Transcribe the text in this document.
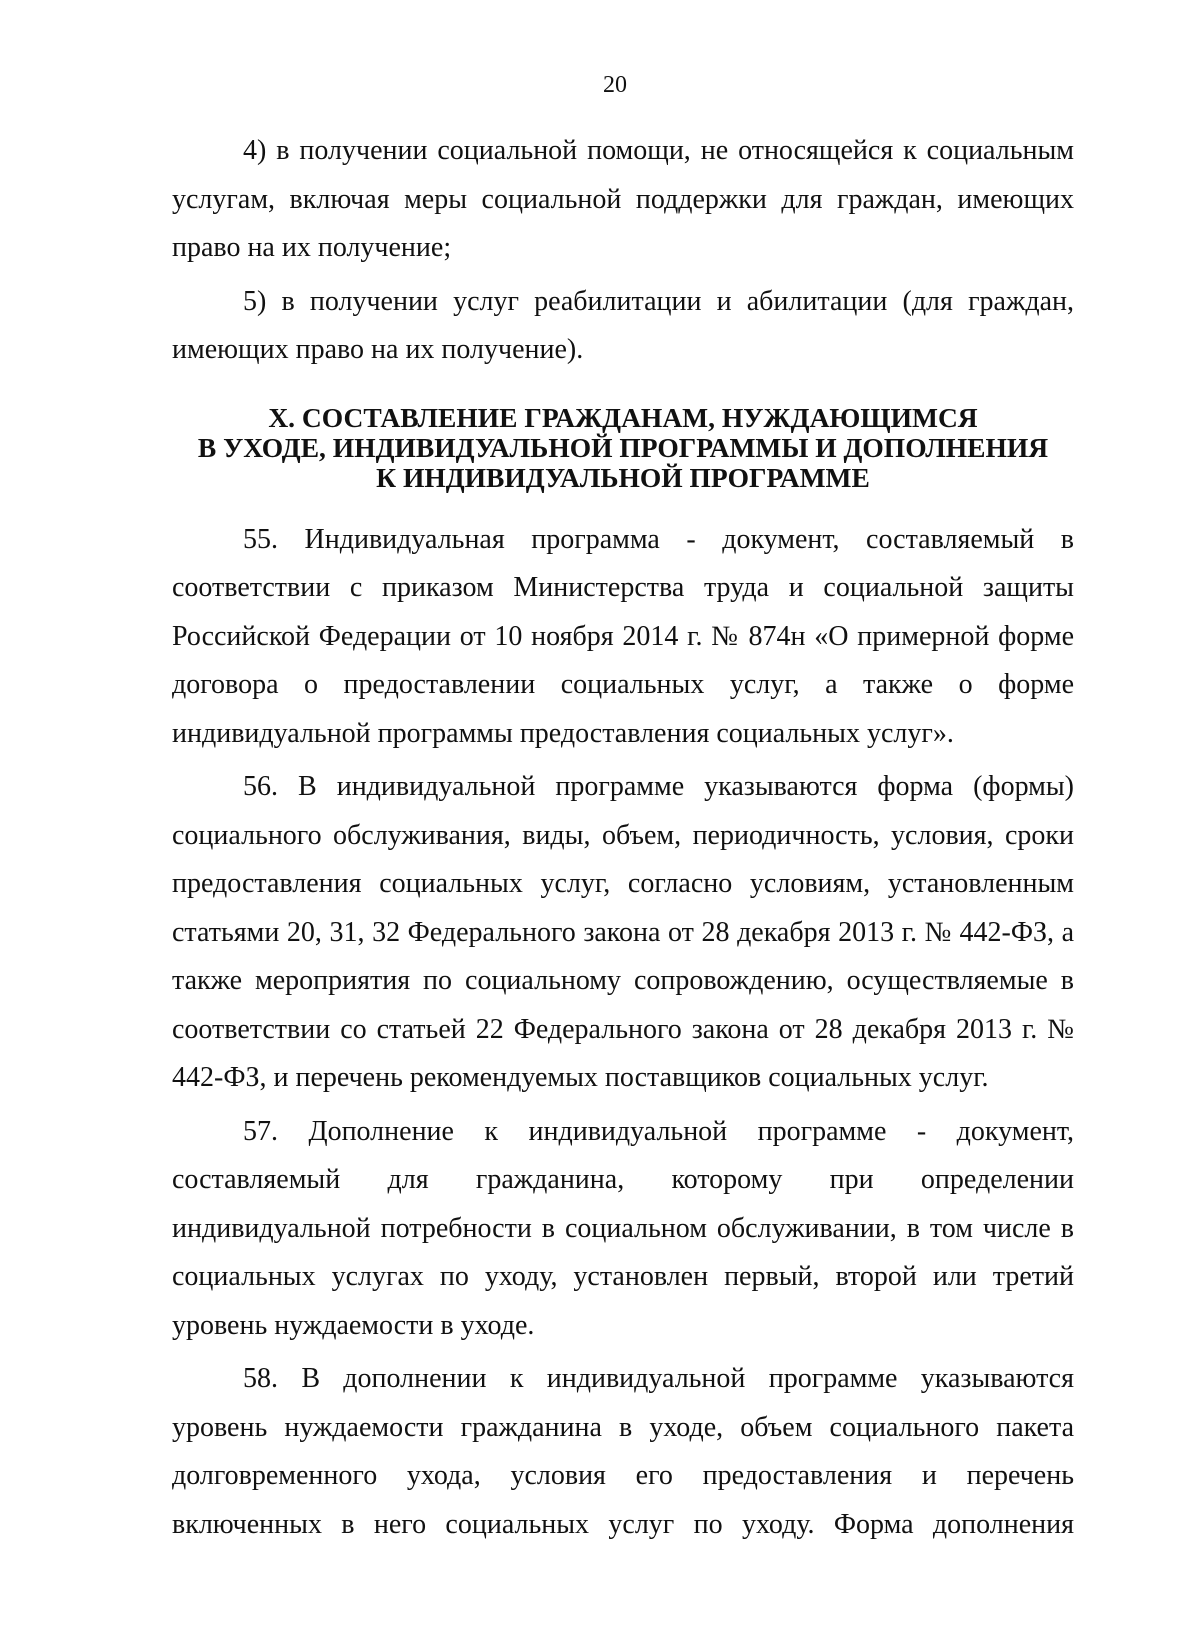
20

4) в получении социальной помощи, не относящейся к социальным услугам, включая меры социальной поддержки для граждан, имеющих право на их получение;

5) в получении услуг реабилитации и абилитации (для граждан, имеющих право на их получение).

X. СОСТАВЛЕНИЕ ГРАЖДАНАМ, НУЖДАЮЩИМСЯ
В УХОДЕ, ИНДИВИДУАЛЬНОЙ ПРОГРАММЫ И ДОПОЛНЕНИЯ
К ИНДИВИДУАЛЬНОЙ ПРОГРАММЕ

55. Индивидуальная программа - документ, составляемый в соответствии с приказом Министерства труда и социальной защиты Российской Федерации от 10 ноября 2014 г. № 874н «О примерной форме договора о предоставлении социальных услуг, а также о форме индивидуальной программы предоставления социальных услуг».

56. В индивидуальной программе указываются форма (формы) социального обслуживания, виды, объем, периодичность, условия, сроки предоставления социальных услуг, согласно условиям, установленным статьями 20, 31, 32 Федерального закона от 28 декабря 2013 г. № 442-ФЗ, а также мероприятия по социальному сопровождению, осуществляемые в соответствии со статьей 22 Федерального закона от 28 декабря 2013 г. № 442-ФЗ, и перечень рекомендуемых поставщиков социальных услуг.

57. Дополнение к индивидуальной программе - документ, составляемый для гражданина, которому при определении индивидуальной потребности в социальном обслуживании, в том числе в социальных услугах по уходу, установлен первый, второй или третий уровень нуждаемости в уходе.

58. В дополнении к индивидуальной программе указываются уровень нуждаемости гражданина в уходе, объем социального пакета долговременного ухода, условия его предоставления и перечень включенных в него социальных услуг по уходу. Форма дополнения
